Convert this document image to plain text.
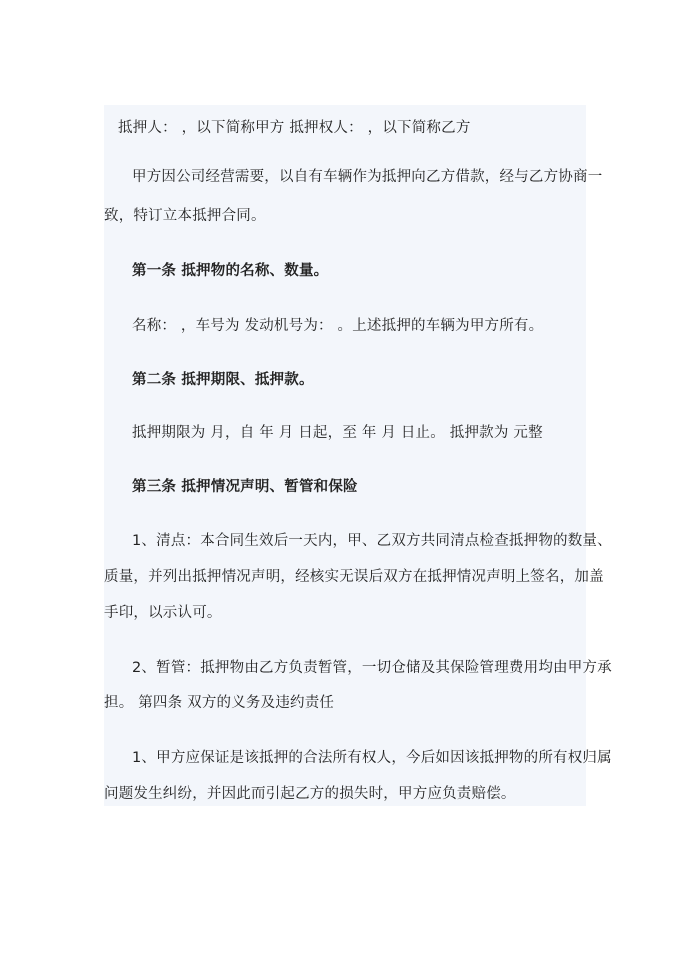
抵押人： ，以下简称甲方 抵押权人： ，以下简称乙方
甲方因公司经营需要，以自有车辆作为抵押向乙方借款，经与乙方协商一
致，特订立本抵押合同。
第一条 抵押物的名称、数量。
名称： ，车号为 发动机号为： 。上述抵押的车辆为甲方所有。
第二条 抵押期限、抵押款。
抵押期限为 月，自 年 月 日起，至 年 月 日止。 抵押款为 元整
第三条 抵押情况声明、暂管和保险
1、清点：本合同生效后一天内，甲、乙双方共同清点检查抵押物的数量、
质量，并列出抵押情况声明，经核实无误后双方在抵押情况声明上签名，加盖
手印，以示认可。
2、暂管：抵押物由乙方负责暂管，一切仓储及其保险管理费用均由甲方承
担。 第四条 双方的义务及违约责任
1、甲方应保证是该抵押的合法所有权人，今后如因该抵押物的所有权归属
问题发生纠纷，并因此而引起乙方的损失时，甲方应负责赔偿。
